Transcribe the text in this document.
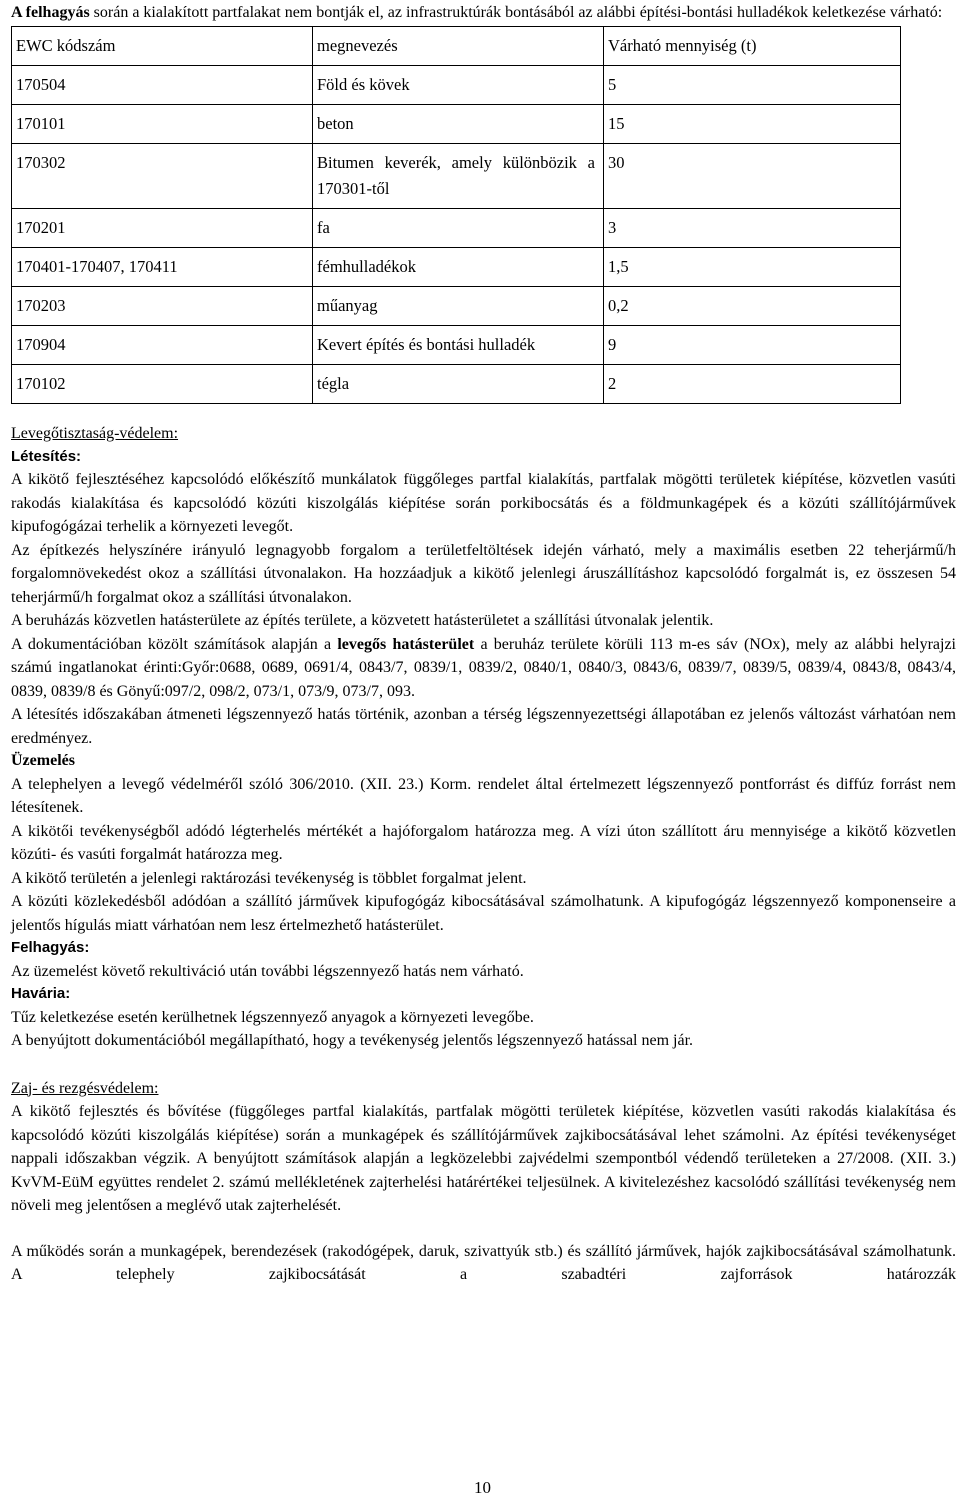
A felhagyás során a kialakított partfalakat nem bontják el, az infrastruktúrák bontásából az alábbi építési-bontási hulladékok keletkezése várható:

EWC kódszám	megnevezés	Várható mennyiség (t)
170504	Föld és kövek	5
170101	beton	15
170302	Bitumen keverék, amely különbözik a 170301-től	30
170201	fa	3
170401-170407, 170411	fémhulladékok	1,5
170203	műanyag	0,2
170904	Kevert építés és bontási hulladék	9
170102	tégla	2

Levegőtisztaság-védelem:

Létesítés:

A kikötő fejlesztéséhez kapcsolódó előkészítő munkálatok függőleges partfal kialakítás, partfalak mögötti területek kiépítése, közvetlen vasúti rakodás kialakítása és kapcsolódó közúti kiszolgálás kiépítése során porkibocsátás és a földmunkagépek és a közúti szállítójárművek kipufogógázai terhelik a környezeti levegőt.

Az építkezés helyszínére irányuló legnagyobb forgalom a területfeltöltések idején várható, mely a maximális esetben 22 teherjármű/h forgalomnövekedést okoz a szállítási útvonalakon. Ha hozzáadjuk a kikötő jelenlegi áruszállításhoz kapcsolódó forgalmát is, ez összesen 54 teherjármű/h forgalmat okoz a szállítási útvonalakon.

A beruházás közvetlen hatásterülete az építés területe, a közvetett hatásterületet a szállítási útvonalak jelentik.

A dokumentációban közölt számítások alapján a levegős hatásterület a beruház területe körüli 113 m-es sáv (NOx), mely az alábbi helyrajzi számú ingatlanokat érinti:Győr:0688, 0689, 0691/4, 0843/7, 0839/1, 0839/2, 0840/1, 0840/3, 0843/6, 0839/7, 0839/5, 0839/4, 0843/8, 0843/4, 0839, 0839/8 és Gönyű:097/2, 098/2, 073/1, 073/9, 073/7, 093.

A létesítés időszakában átmeneti légszennyező hatás történik, azonban a térség légszennyezettségi állapotában ez jelenős változást várhatóan nem eredményez.

Üzemelés

A telephelyen a levegő védelméről szóló 306/2010. (XII. 23.) Korm. rendelet által értelmezett légszennyező pontforrást és diffúz forrást nem létesítenek.

A kikötői tevékenységből adódó légterhelés mértékét a hajóforgalom határozza meg. A vízi úton szállított áru mennyisége a kikötő közvetlen közúti- és vasúti forgalmát határozza meg.

A kikötő területén a jelenlegi raktározási tevékenység is többlet forgalmat jelent.

A közúti közlekedésből adódóan a szállító járművek kipufogógáz kibocsátásával számolhatunk. A kipufogógáz légszennyező komponenseire a jelentős hígulás miatt várhatóan nem lesz értelmezhető hatásterület.

Felhagyás:

Az üzemelést követő rekultiváció után további légszennyező hatás nem várható.

Havária:

Tűz keletkezése esetén kerülhetnek légszennyező anyagok a környezeti levegőbe.

A benyújtott dokumentációból megállapítható, hogy a tevékenység jelentős légszennyező hatással nem jár.

Zaj- és rezgésvédelem:

A kikötő fejlesztés és bővítése (függőleges partfal kialakítás, partfalak mögötti területek kiépítése, közvetlen vasúti rakodás kialakítása és kapcsolódó közúti kiszolgálás kiépítése) során a munkagépek és szállítójárművek zajkibocsátásával lehet számolni. Az építési tevékenységet nappali időszakban végzik. A benyújtott számítások alapján a legközelebbi zajvédelmi szempontból védendő területeken a 27/2008. (XII. 3.) KvVM-EüM együttes rendelet 2. számú mellékletének zajterhelési határértékei teljesülnek. A kivitelezéshez kacsolódó szállítási tevékenység nem növeli meg jelentősen a meglévő utak zajterhelését.

A működés során a munkagépek, berendezések (rakodógépek, daruk, szivattyúk stb.) és szállító járművek, hajók zajkibocsátásával számolhatunk. A telephely zajkibocsátását a szabadtéri zajforrások határozzák

10
